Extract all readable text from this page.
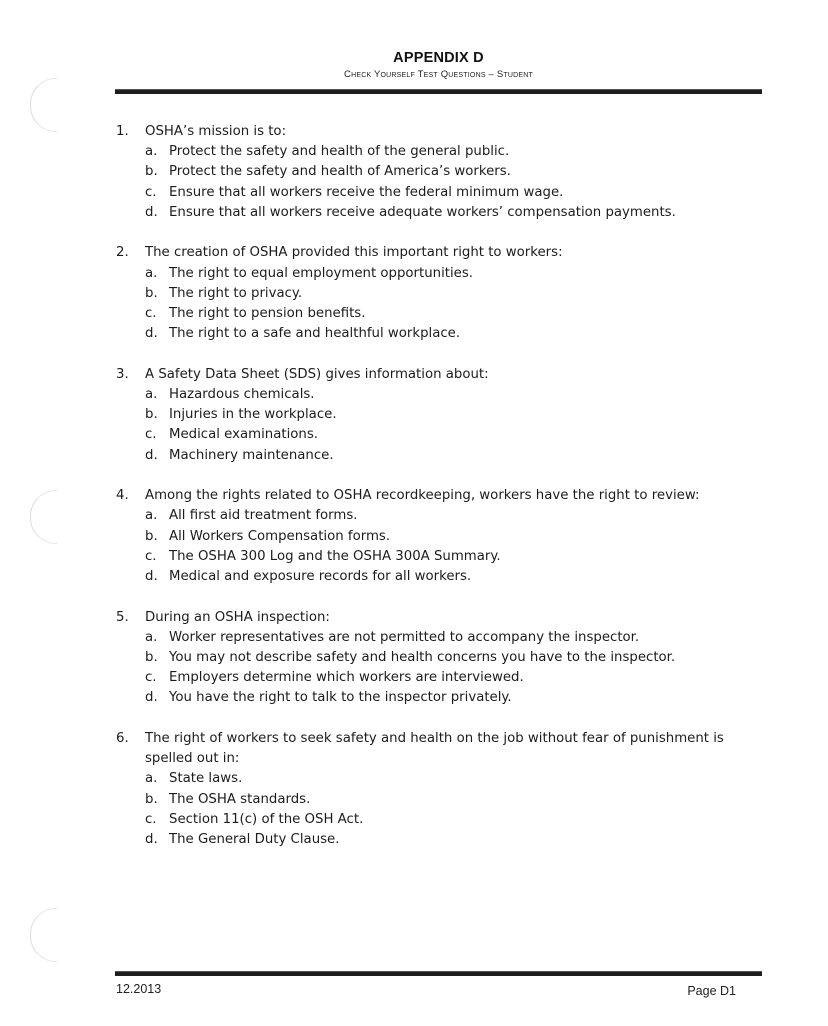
APPENDIX D
Check Yourself Test Questions – Student
1.	OSHA’s mission is to:
a. Protect the safety and health of the general public.
b. Protect the safety and health of America’s workers.
c. Ensure that all workers receive the federal minimum wage.
d. Ensure that all workers receive adequate workers’ compensation payments.
2.	The creation of OSHA provided this important right to workers:
a. The right to equal employment opportunities.
b. The right to privacy.
c. The right to pension benefits.
d. The right to a safe and healthful workplace.
3.	A Safety Data Sheet (SDS) gives information about:
a. Hazardous chemicals.
b. Injuries in the workplace.
c. Medical examinations.
d. Machinery maintenance.
4.	Among the rights related to OSHA recordkeeping, workers have the right to review:
a. All first aid treatment forms.
b. All Workers Compensation forms.
c. The OSHA 300 Log and the OSHA 300A Summary.
d. Medical and exposure records for all workers.
5.	During an OSHA inspection:
a. Worker representatives are not permitted to accompany the inspector.
b. You may not describe safety and health concerns you have to the inspector.
c. Employers determine which workers are interviewed.
d. You have the right to talk to the inspector privately.
6.	The right of workers to seek safety and health on the job without fear of punishment is spelled out in:
a. State laws.
b. The OSHA standards.
c. Section 11(c) of the OSH Act.
d. The General Duty Clause.
12.2013	Page D1
